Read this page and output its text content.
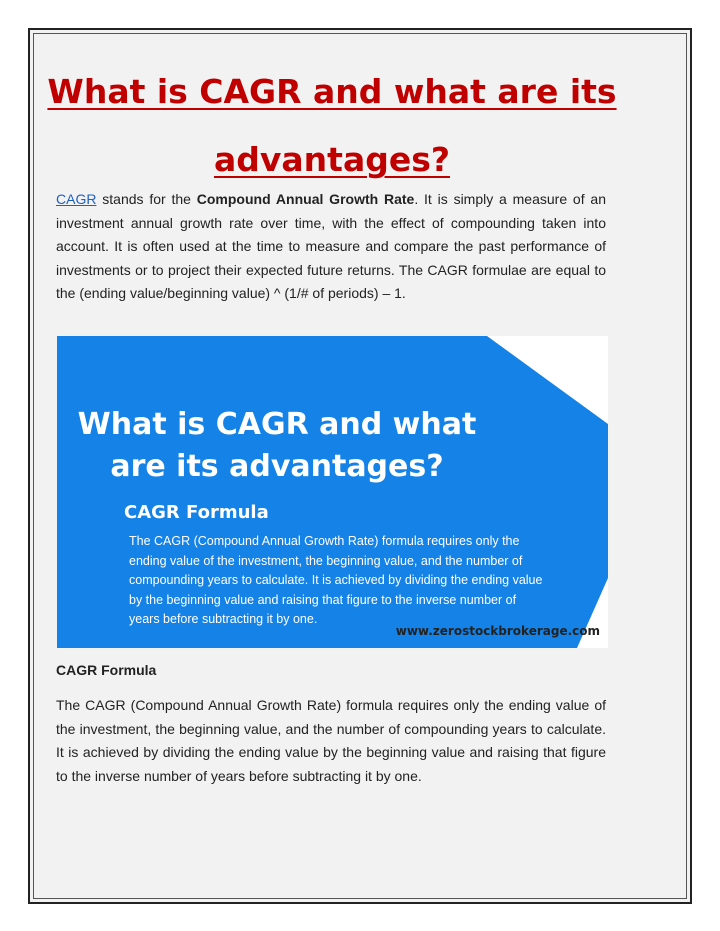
What is CAGR and what are its advantages?

CAGR stands for the Compound Annual Growth Rate. It is simply a measure of an investment annual growth rate over time, with the effect of compounding taken into account. It is often used at the time to measure and compare the past performance of investments or to project their expected future returns. The CAGR formulae are equal to the (ending value/beginning value) ^ (1/# of periods) – 1.

What is CAGR and what are its advantages?

CAGR Formula

The CAGR (Compound Annual Growth Rate) formula requires only the ending value of the investment, the beginning value, and the number of compounding years to calculate. It is achieved by dividing the ending value by the beginning value and raising that figure to the inverse number of years before subtracting it by one.

www.zerostockbrokerage.com

CAGR Formula

The CAGR (Compound Annual Growth Rate) formula requires only the ending value of the investment, the beginning value, and the number of compounding years to calculate. It is achieved by dividing the ending value by the beginning value and raising that figure to the inverse number of years before subtracting it by one.
